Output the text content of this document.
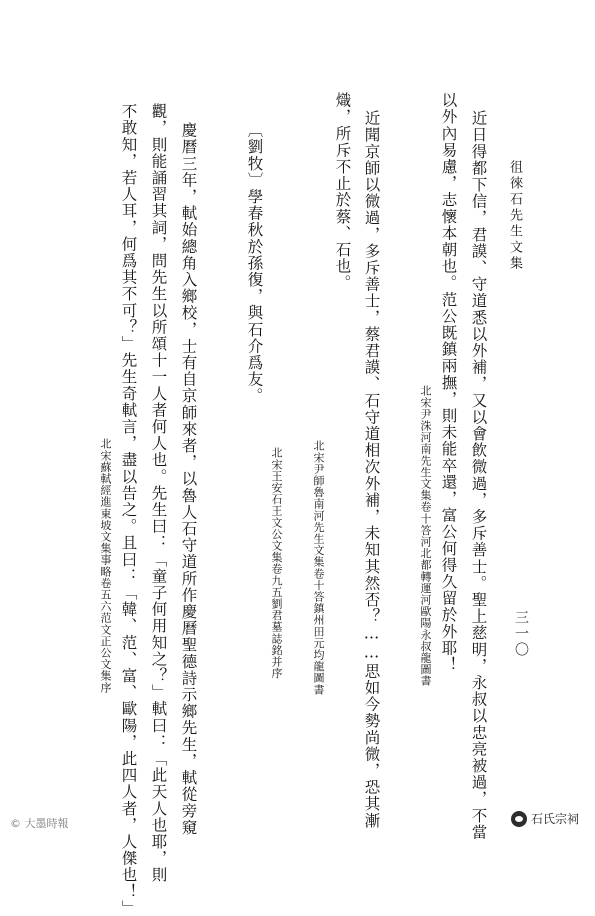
徂徠石先生文集
三一〇
近日得都下信，君謨、守道悉以外補，又以會飲微過，多斥善士。聖上慈明，永叔以忠亮被過，不當
以外內易慮，志懷本朝也。范公既鎮兩撫，則未能卒還，富公何得久留於外耶！
北宋尹洙河南先生文集卷十答河北都轉運河歐陽永叔龍圖書
近聞京師以微過，多斥善士，蔡君謨、石守道相次外補，未知其然否？……思如今勢尚微，恐其漸
熾，所斥不止於蔡、石也。
北宋尹師魯南河先生文集卷十答鎮州田元均龍圖書
北宋王安石王文公文集卷九五劉君墓誌銘并序
〔劉牧〕學春秋於孫復，與石介爲友。
慶曆三年，軾始總角入鄉校，士有自京師來者，以魯人石守道所作慶曆聖德詩示鄉先生，軾從旁窺
觀，則能誦習其詞，問先生以所頌十一人者何人也。先生曰：「童子何用知之？」軾曰：「此天人也耶，則
不敢知，若人耳，何爲其不可？」先生奇軾言，盡以告之。且曰：「韓、范、富、歐陽，此四人者，人傑也！」
北宋蘇軾經進東坡文集事略卷五六范文正公文集序
© 大墨時報	石氏宗祠
